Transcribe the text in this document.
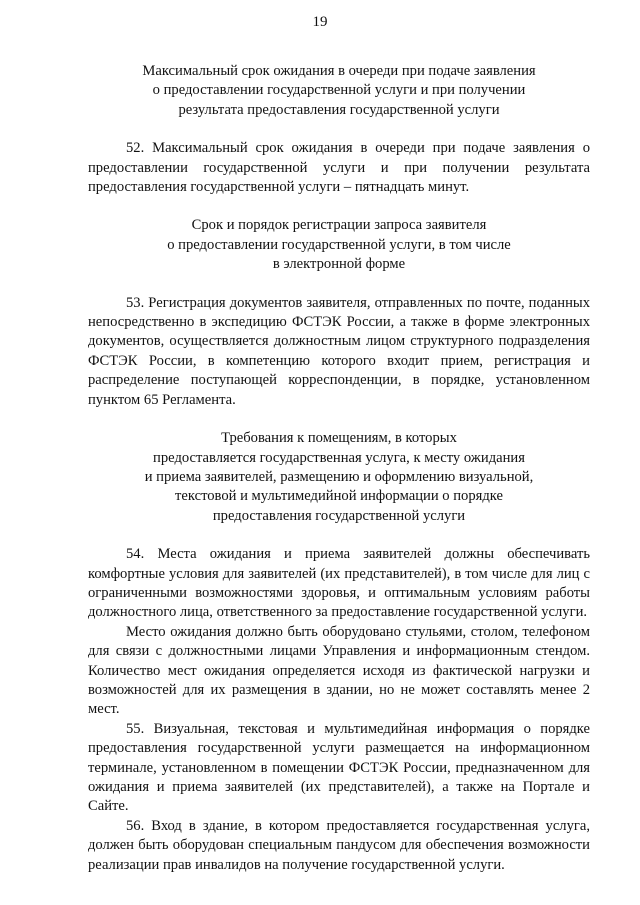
19
Максимальный срок ожидания в очереди при подаче заявления
о предоставлении государственной услуги и при получении
результата предоставления государственной услуги

52. Максимальный срок ожидания в очереди при подаче заявления о предоставлении государственной услуги и при получении результата предоставления государственной услуги – пятнадцать минут.

Срок и порядок регистрации запроса заявителя
о предоставлении государственной услуги, в том числе
в электронной форме

53. Регистрация документов заявителя, отправленных по почте, поданных непосредственно в экспедицию ФСТЭК России, а также в форме электронных документов, осуществляется должностным лицом структурного подразделения ФСТЭК России, в компетенцию которого входит прием, регистрация и распределение поступающей корреспонденции, в порядке, установленном пунктом 65 Регламента.

Требования к помещениям, в которых
предоставляется государственная услуга, к месту ожидания
и приема заявителей, размещению и оформлению визуальной,
текстовой и мультимедийной информации о порядке
предоставления государственной услуги

54. Места ожидания и приема заявителей должны обеспечивать комфортные условия для заявителей (их представителей), в том числе для лиц с ограниченными возможностями здоровья, и оптимальным условиям работы должностного лица, ответственного за предоставление государственной услуги.

Место ожидания должно быть оборудовано стульями, столом, телефоном для связи с должностными лицами Управления и информационным стендом. Количество мест ожидания определяется исходя из фактической нагрузки и возможностей для их размещения в здании, но не может составлять менее 2 мест.

55. Визуальная, текстовая и мультимедийная информация о порядке предоставления государственной услуги размещается на информационном терминале, установленном в помещении ФСТЭК России, предназначенном для ожидания и приема заявителей (их представителей), а также на Портале и Сайте.

56. Вход в здание, в котором предоставляется государственная услуга, должен быть оборудован специальным пандусом для обеспечения возможности реализации прав инвалидов на получение государственной услуги.
